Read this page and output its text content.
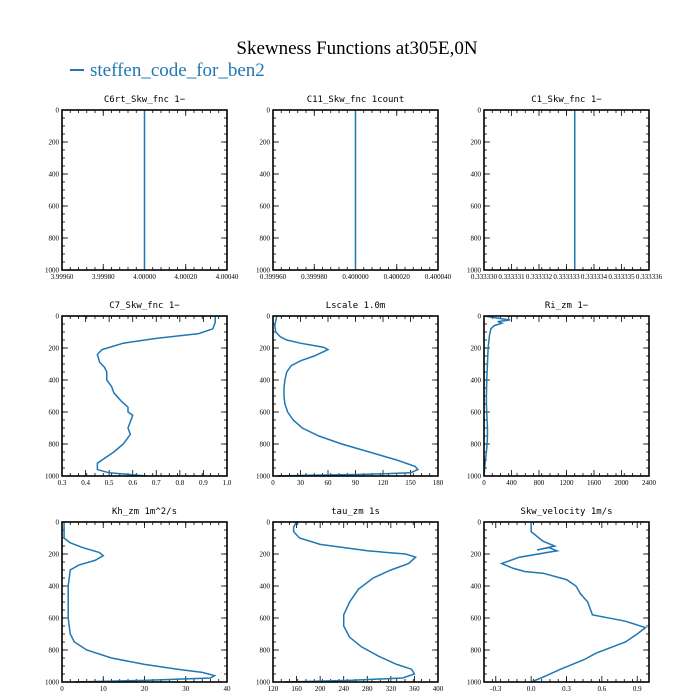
Skewness Functions at305E,0N
steffen_code_for_ben2
C6rt_Skw_fnc 1−
3.99960	3.99980	4.00000	4.00020	4.00040
0
200
400
600
800
1000
C11_Skw_fnc 1count
0.399960 0.399980 0.400000 0.400020 0.400040
0
200
400
600
800
1000
C1_Skw_fnc 1−
0.333330 0.333331 0.333332 0.333333 0.333334 0.333335 0.333336
0
200
400
600
800
1000
C7_Skw_fnc 1−
0.3 0.4 0.5 0.6 0.7 0.8 0.9 1.0
0
200
400
600
800
1000
Lscale 1.0m
0	30	60	90	120 150 180
0
200
400
600
800
1000
Ri_zm 1−
0	400 800 1200 1600 2000 2400
0
200
400
600
800
1000
Kh_zm 1m^2/s
0	10	20	30	40
0
200
400
600
800
1000
tau_zm 1s
120 160 200 240 280 320 360 400
0
200
400
600
800
1000
Skw_velocity 1m/s
-0.3	0.0	0.3	0.6	0.9
0
200
400
600
800
1000
